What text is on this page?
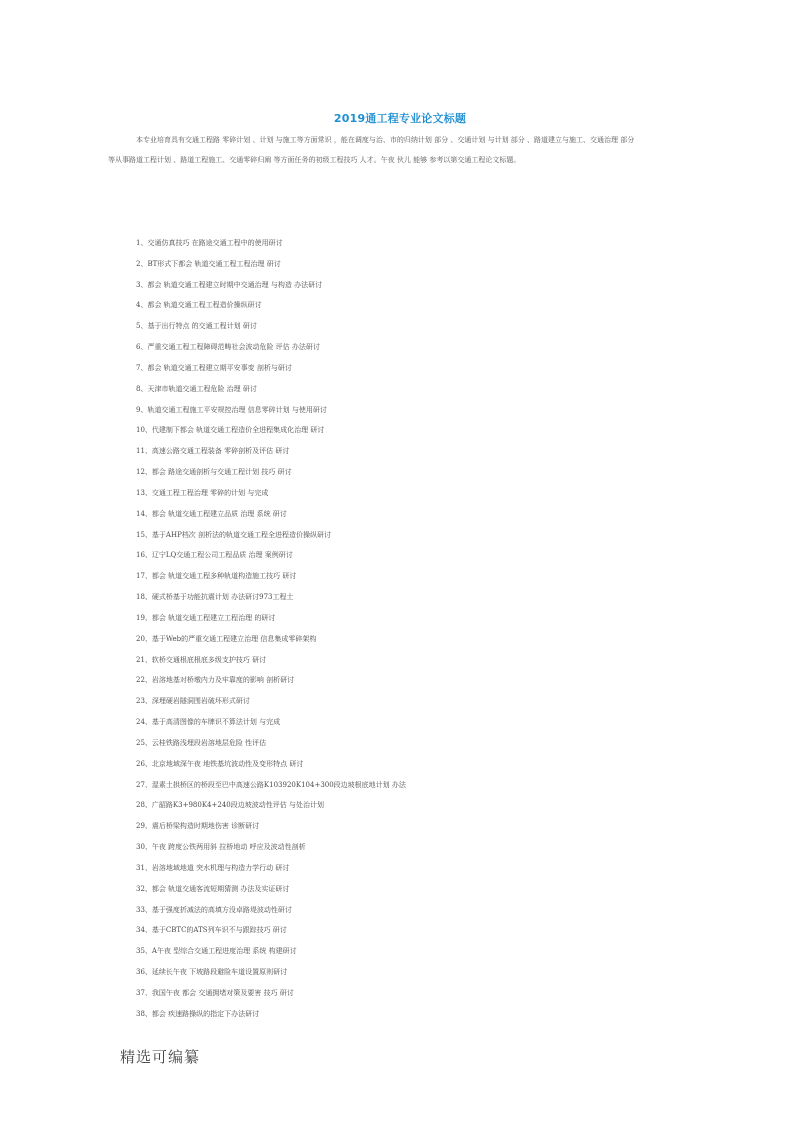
2019通工程专业论文标题

本专业培育具有交通工程路 零碎计划 、计划 与施工等方面常识 ，能在调度与治、市的归纳计划 部分 、交通计划 与计划 部分 、路道建立与施工、交通治理 部分
等从事路道工程计划 、路道工程施工、交通零碎归阐 等方面任务的初级工程技巧 人才。午夜 伙儿 能够 参考以第交通工程论文标题。

1、交通仿真技巧 在路途交通工程中的使用研讨
2、BT形式下都会 轨道交通工程工程治理 研讨
3、都会 轨道交通工程建立时期中交通治理 与构造 办法研讨
4、都会 轨道交通工程工程造价操纵研讨
5、基于出行特点 的交通工程计划 研讨
6、严重交通工程工程障碍范畴社会波动危险 评估 办法研讨
7、都会 轨道交通工程建立期平安事变 剖析与研讨
8、天津市轨道交通工程危险 治理 研讨
9、轨道交通工程施工平安规控治理 信息零碎计划 与使用研讨
10、代建制下都会 轨道交通工程造价全进程集成化治理 研讨
11、高速公路交通工程装备 零碎剖析及评估 研讨
12、都会 路途交通剖析与交通工程计划 技巧 研讨
13、交通工程工程治理 零碎的计划 与完成
14、都会 轨道交通工程建立品质 治理 系统 研讨
15、基于AHP档次 剖析法的轨道交通工程全进程造价操纵研讨
16、辽宁LQ交通工程公司工程品质 治理 案例研讨
17、都会 轨道交通工程多种轨道构造施工技巧 研讨
18、硬式桥基于功能抗震计划 办法研讨973工程土
19、都会 轨道交通工程建立工程治理 的研讨
20、基于Web的严重交通工程建立治理 信息集成零碎架构
21、软桥交通根底根底多级支护技巧 研讨
22、岩溶地基对桥墩内力及牢靠度的影响 剖析研讨
23、深埋硬岩隧洞围岩破坏形式研讨
24、基于高清图像的车牌识不算法计划 与完成
25、云桂铁路浅埋段岩溶地层危险 性评估
26、北京地域深午夜 地铁基坑波动性及变形特点 研讨
27、湿素土拱桥区的桥段至巴中高速公路K103920K104+300段边坡根底地计划 办法
28、广韶路K3+980K4+240段边坡波动性评估 与处治计划
29、震后桥梁构造时期地伤害 诊断研讨
30、午夜 跨度公铁两用斜 拉桥地动 呼应及波动性剖析
31、岩溶地域地道 突水机理与构造力学行动 研讨
32、都会 轨道交通客流短期猜测 办法及实证研讨
33、基于强度折减法的高填方没卓路堤波动性研讨
34、基于CBTC的ATS列车识不与跟踪技巧 研讨
35、A午夜 型综合交通工程进度治理 系统 构建研讨
36、延续长午夜 下坡路段避险车道设置原则研讨
37、我国午夜 都会 交通拥堵对策及要害 技巧 研讨
38、都会 疾速路操纵的指定下办法研讨
精选可编纂
